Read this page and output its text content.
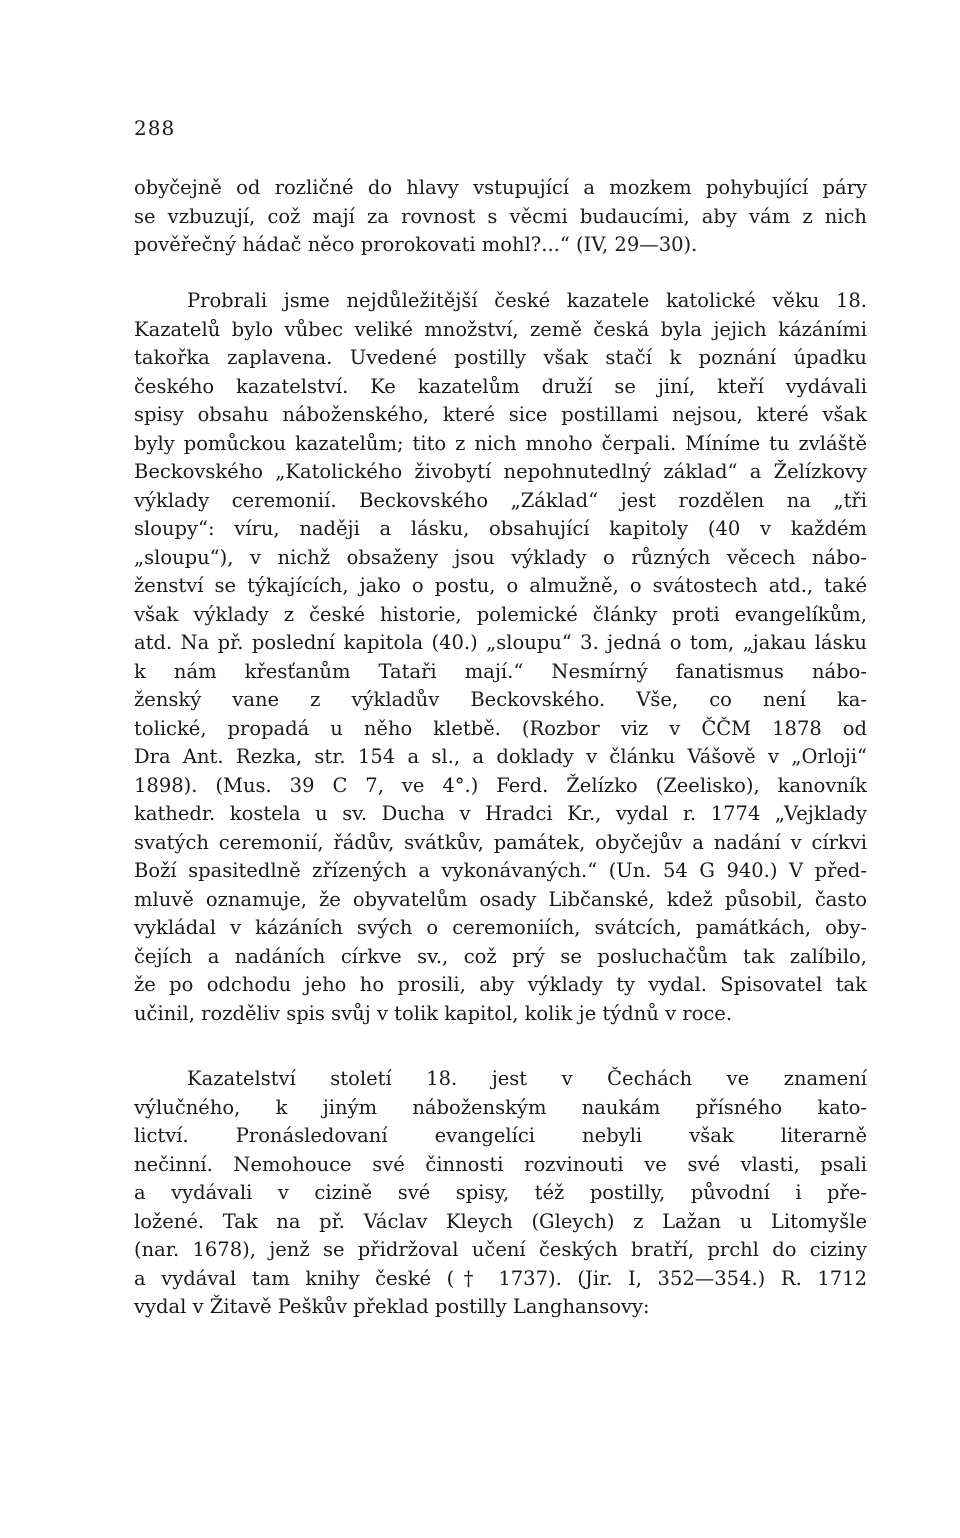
288
obyčejně od rozličné do hlavy vstupující a mozkem pohybující páry
se vzbuzují, což mají za rovnost s věcmi budaucími, aby vám z nich
pověřečný hádač něco prorokovati mohl?...“ (IV, 29—30).
Probrali jsme nejdůležitější české kazatele katolické věku 18.
Kazatelů bylo vůbec veliké množství, země česká byla jejich kázáními
takořka zaplavena. Uvedené postilly však stačí k poznání úpadku
českého kazatelství. Ke kazatelům druží se jiní, kteří vydávali
spisy obsahu náboženského, které sice postillami nejsou, které však
byly pomůckou kazatelům; tito z nich mnoho čerpali. Míníme tu zvláště
Beckovského „Katolického živobytí nepohnutedlný základ“ a Želízkovy
výklady ceremonií. Beckovského „Základ“ jest rozdělen na „tři
sloupy“: víru, naději a lásku, obsahující kapitoly (40 v každém
„sloupu“), v nichž obsaženy jsou výklady o různých věcech nábo-
ženství se týkajících, jako o postu, o almužně, o svátostech atd., také
však výklady z české historie, polemické články proti evangelíkům,
atd. Na př. poslední kapitola (40.) „sloupu“ 3. jedná o tom, „jakau lásku
k nám křesťanům Tataři mají.“ Nesmírný fanatismus nábo-
ženský vane z výkladův Beckovského. Vše, co není ka-
tolické, propadá u něho kletbě. (Rozbor viz v ČČM 1878 od
Dra Ant. Rezka, str. 154 a sl., a doklady v článku Vášově v „Orloji“
1898). (Mus. 39 C 7, ve 4°.) Ferd. Želízko (Zeelisko), kanovník
kathedr. kostela u sv. Ducha v Hradci Kr., vydal r. 1774 „Vejklady
svatých ceremonií, řádův, svátkův, památek, obyčejův a nadání v církvi
Boží spasitedlně zřízených a vykonávaných.“ (Un. 54 G 940.) V před-
mluvě oznamuje, že obyvatelům osady Libčanské, kdež působil, často
vykládal v kázáních svých o ceremoniích, svátcích, památkách, oby-
čejích a nadáních církve sv., což prý se posluchačům tak zalíbilo,
že po odchodu jeho ho prosili, aby výklady ty vydal. Spisovatel tak
učinil, rozděliv spis svůj v tolik kapitol, kolik je týdnů v roce.
Kazatelství století 18. jest v Čechách ve znamení
výlučného, k jiným náboženským naukám přísného kato-
lictví. Pronásledovaní evangelíci nebyli však literarně
nečinní. Nemohouce své činnosti rozvinouti ve své vlasti, psali
a vydávali v cizině své spisy, též postilly, původní i pře-
ložené. Tak na př. Václav Kleych (Gleych) z Lažan u Litomyšle
(nar. 1678), jenž se přidržoval učení českých bratří, prchl do ciziny
a vydával tam knihy české († 1737). (Jir. I, 352—354.) R. 1712
vydal v Žitavě Peškův překlad postilly Langhansovy:
